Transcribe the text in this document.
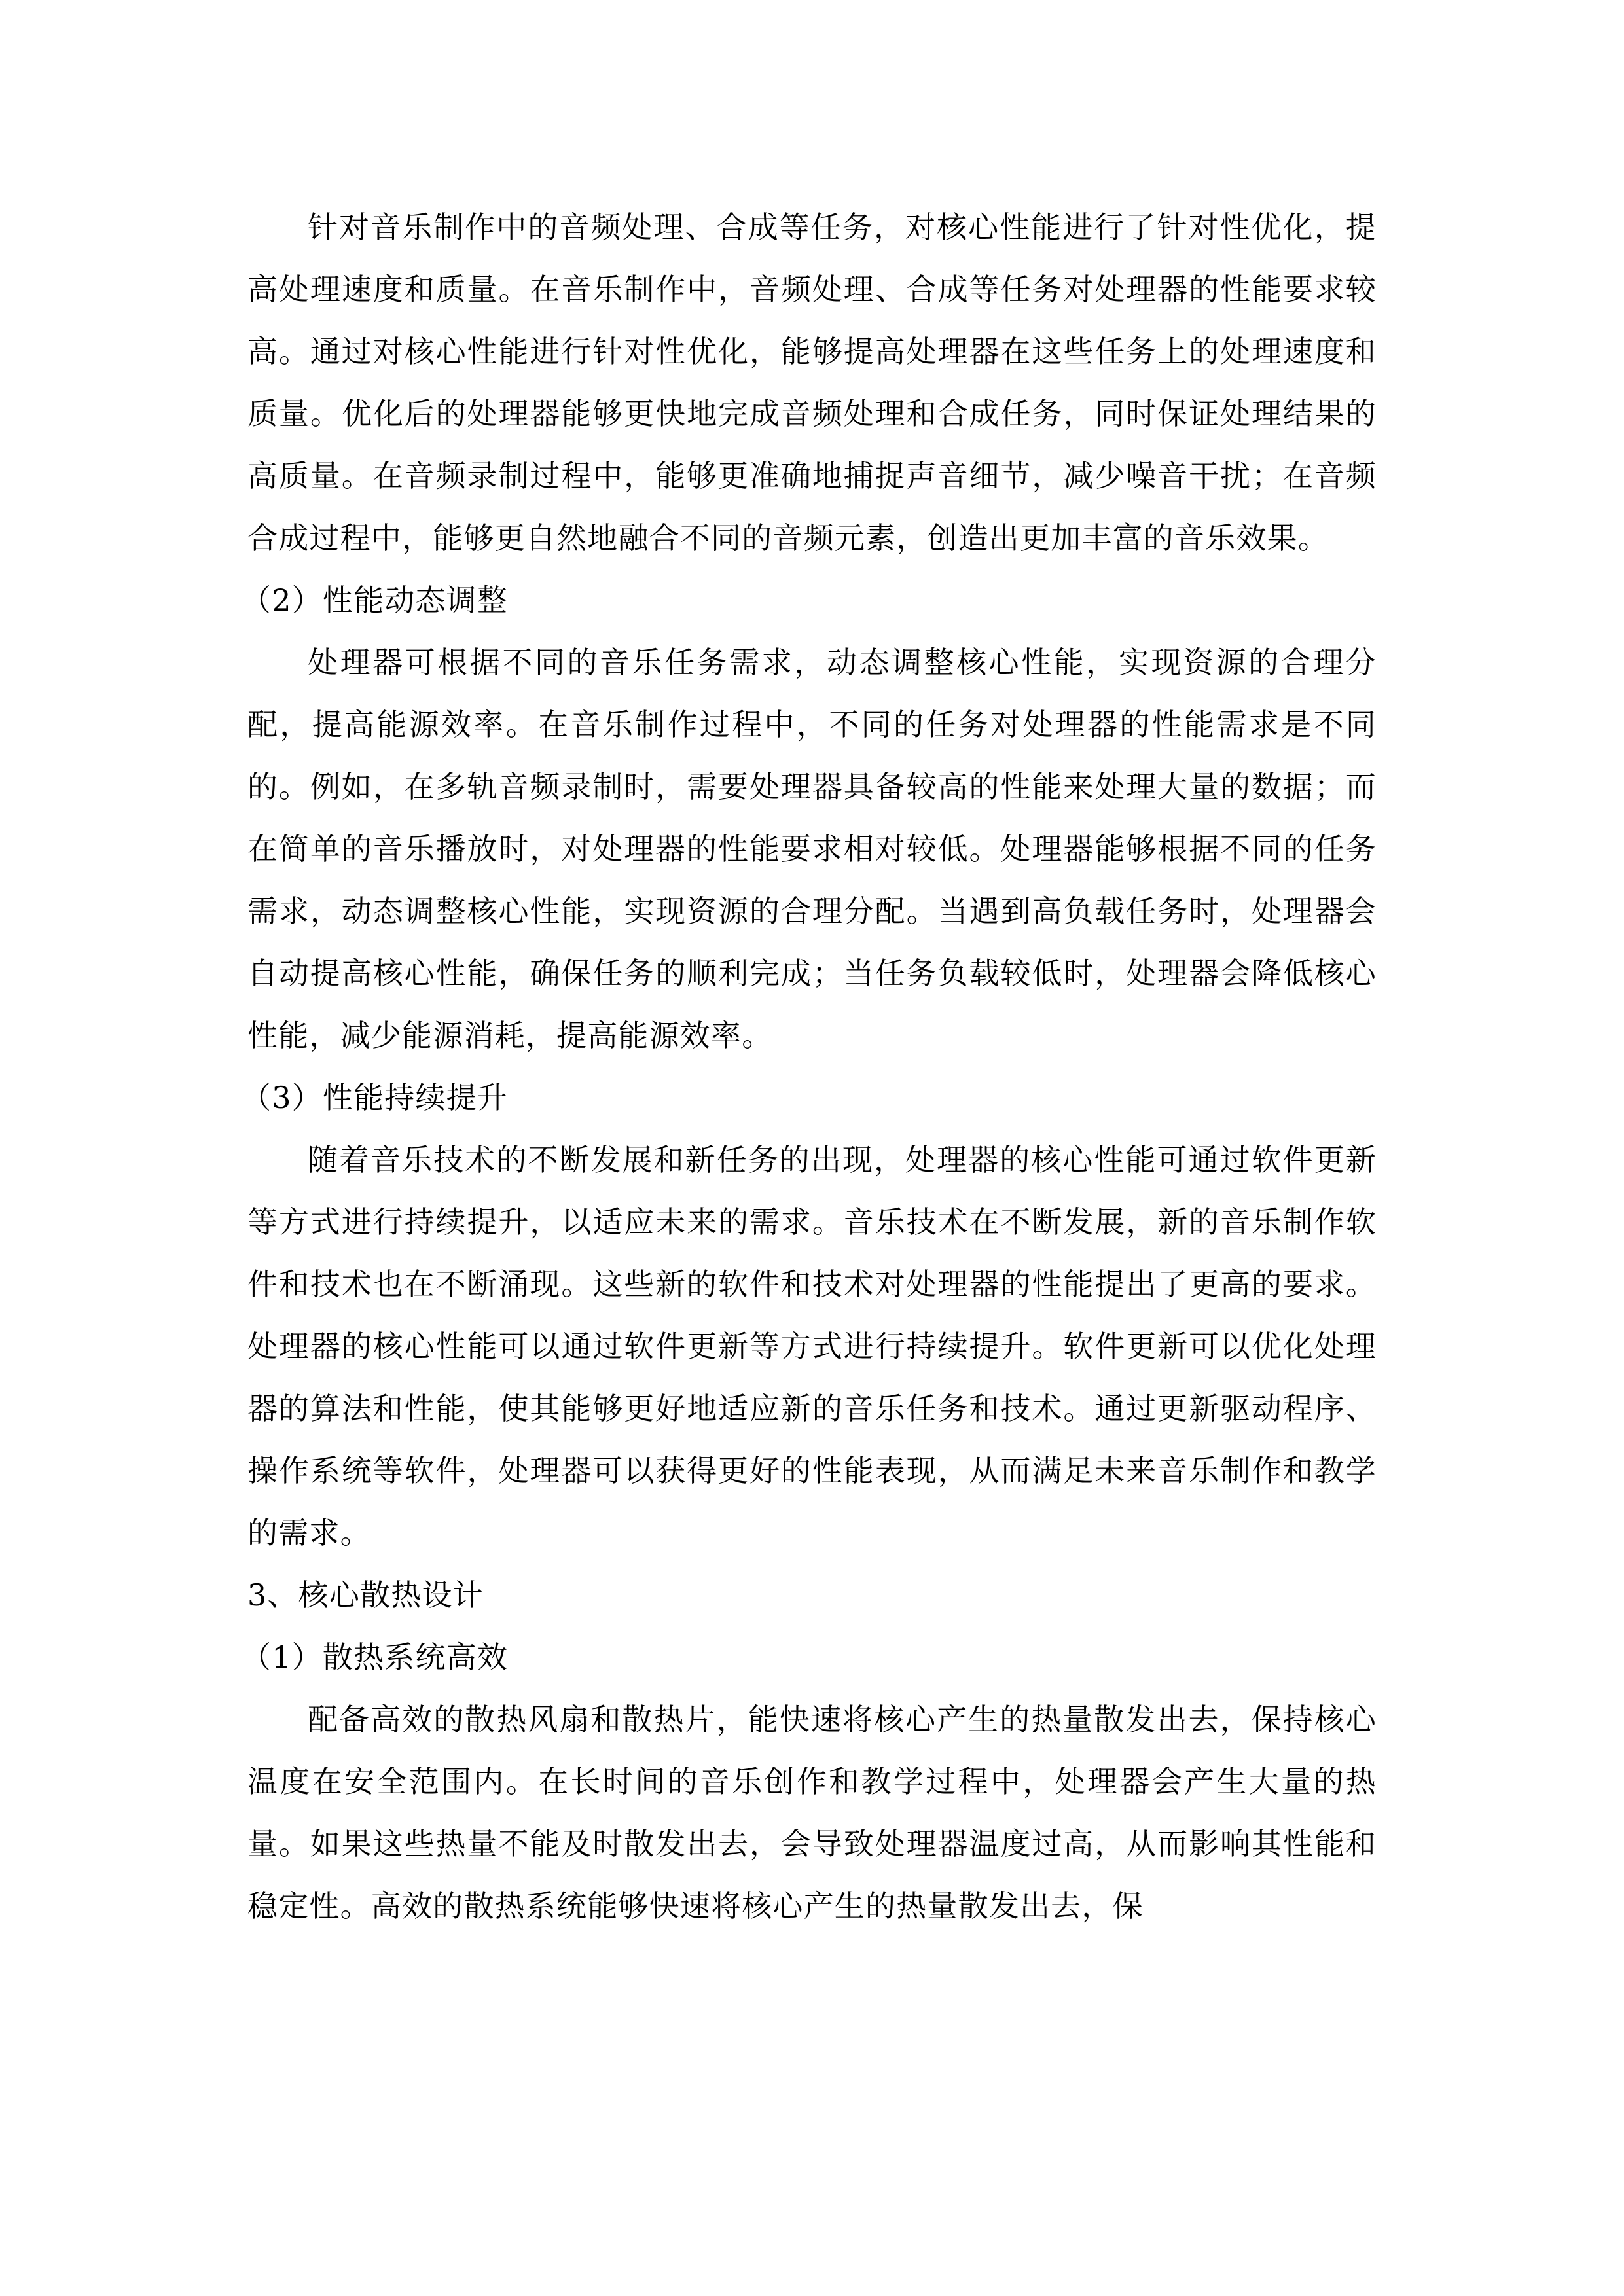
针对音乐制作中的音频处理、合成等任务，对核心性能进行了针对性优化，提高处理速度和质量。在音乐制作中，音频处理、合成等任务对处理器的性能要求较高。通过对核心性能进行针对性优化，能够提高处理器在这些任务上的处理速度和质量。优化后的处理器能够更快地完成音频处理和合成任务，同时保证处理结果的高质量。在音频录制过程中，能够更准确地捕捉声音细节，减少噪音干扰；在音频合成过程中，能够更自然地融合不同的音频元素，创造出更加丰富的音乐效果。

（2）性能动态调整

处理器可根据不同的音乐任务需求，动态调整核心性能，实现资源的合理分配，提高能源效率。在音乐制作过程中，不同的任务对处理器的性能需求是不同的。例如，在多轨音频录制时，需要处理器具备较高的性能来处理大量的数据；而在简单的音乐播放时，对处理器的性能要求相对较低。处理器能够根据不同的任务需求，动态调整核心性能，实现资源的合理分配。当遇到高负载任务时，处理器会自动提高核心性能，确保任务的顺利完成；当任务负载较低时，处理器会降低核心性能，减少能源消耗，提高能源效率。

（3）性能持续提升

随着音乐技术的不断发展和新任务的出现，处理器的核心性能可通过软件更新等方式进行持续提升，以适应未来的需求。音乐技术在不断发展，新的音乐制作软件和技术也在不断涌现。这些新的软件和技术对处理器的性能提出了更高的要求。处理器的核心性能可以通过软件更新等方式进行持续提升。软件更新可以优化处理器的算法和性能，使其能够更好地适应新的音乐任务和技术。通过更新驱动程序、操作系统等软件，处理器可以获得更好的性能表现，从而满足未来音乐制作和教学的需求。

3、核心散热设计

（1）散热系统高效

配备高效的散热风扇和散热片，能快速将核心产生的热量散发出去，保持核心温度在安全范围内。在长时间的音乐创作和教学过程中，处理器会产生大量的热量。如果这些热量不能及时散发出去，会导致处理器温度过高，从而影响其性能和稳定性。高效的散热系统能够快速将核心产生的热量散发出去，保
